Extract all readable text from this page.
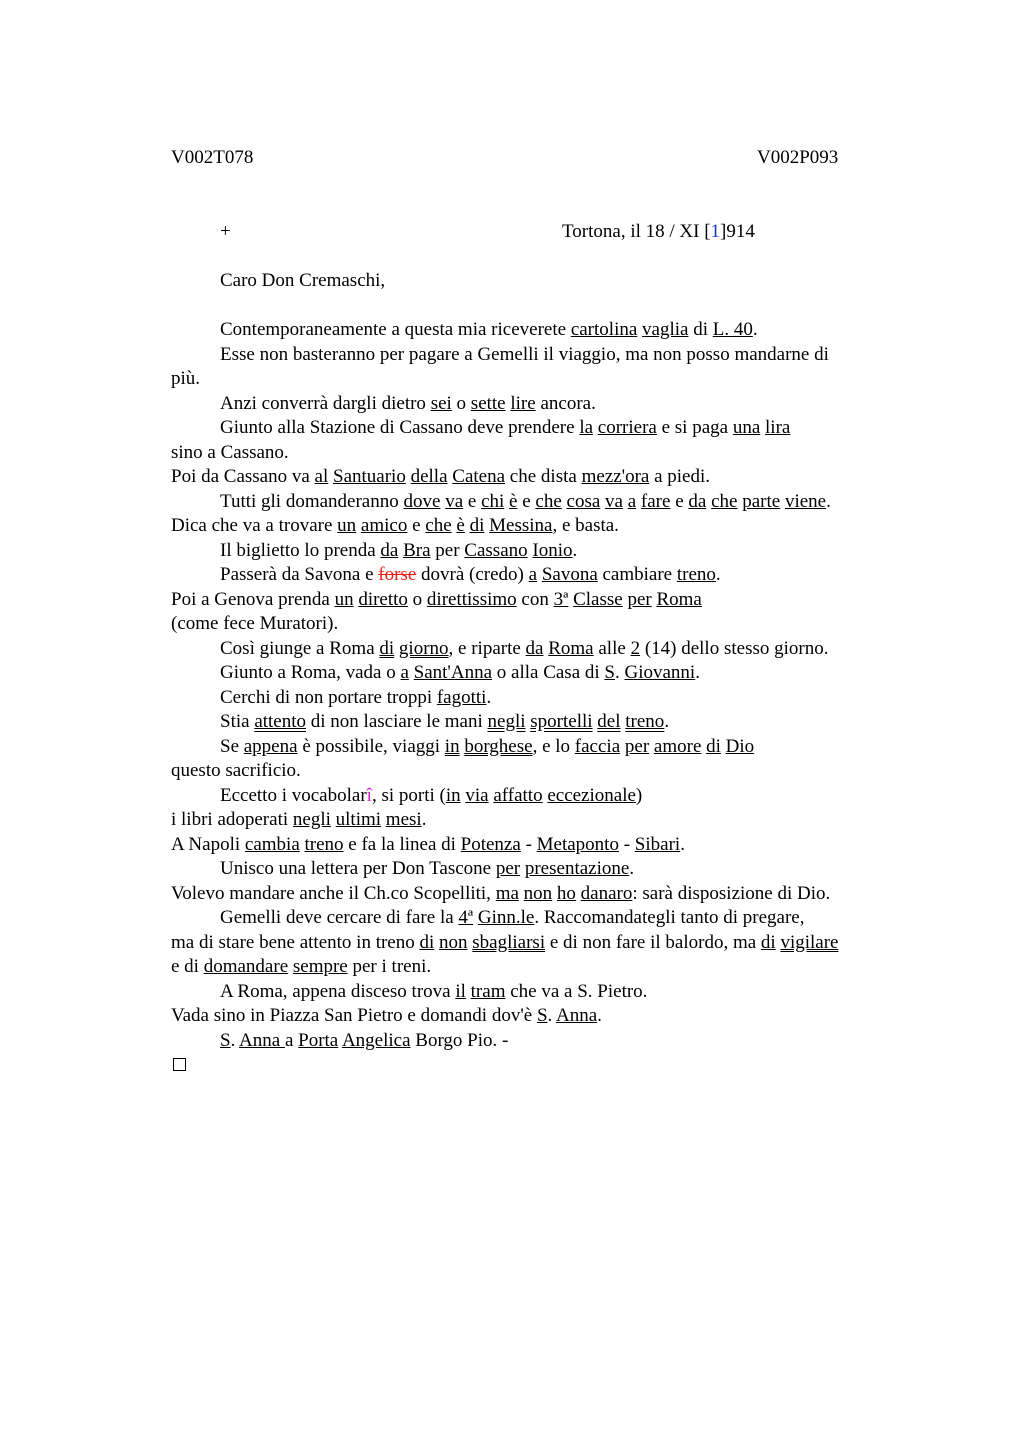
V002T078	V002P093
+	Tortona, il 18 / XI [1]914
Caro Don Cremaschi,
Contemporaneamente a questa mia riceverete cartolina vaglia di L. 40.
Esse non basteranno per pagare a Gemelli il viaggio, ma non posso mandarne di
più.
Anzi converrà dargli dietro sei o sette lire ancora.
Giunto alla Stazione di Cassano deve prendere la corriera e si paga una lira
sino a Cassano.
Poi da Cassano va al Santuario della Catena che dista mezz'ora a piedi.
Tutti gli domanderanno dove va e chi è e che cosa va a fare e da che parte viene.
Dica che va a trovare un amico e che è di Messina, e basta.
Il biglietto lo prenda da Bra per Cassano Ionio.
Passerà da Savona e forse dovrà (credo) a Savona cambiare treno.
Poi a Genova prenda un diretto o direttissimo con 3ª Classe per Roma
(come fece Muratori).
Così giunge a Roma di giorno, e riparte da Roma alle 2 (14) dello stesso giorno.
Giunto a Roma, vada o a Sant'Anna o alla Casa di S. Giovanni.
Cerchi di non portare troppi fagotti.
Stia attento di non lasciare le mani negli sportelli del treno.
Se appena è possibile, viaggi in borghese, e lo faccia per amore di Dio
questo sacrificio.
Eccetto i vocabolarî, si porti (in via affatto eccezionale)
i libri adoperati negli ultimi mesi.
A Napoli cambia treno e fa la linea di Potenza - Metaponto - Sibari.
Unisco una lettera per Don Tascone per presentazione.
Volevo mandare anche il Ch.co Scopelliti, ma non ho danaro: sarà disposizione di Dio.
Gemelli deve cercare di fare la 4ª Ginn.le. Raccomandategli tanto di pregare,
ma di stare bene attento in treno di non sbagliarsi e di non fare il balordo, ma di vigilare
e di domandare sempre per i treni.
A Roma, appena disceso trova il tram che va a S. Pietro.
Vada sino in Piazza San Pietro e domandi dov'è S. Anna.
S. Anna a Porta Angelica Borgo Pio. -
